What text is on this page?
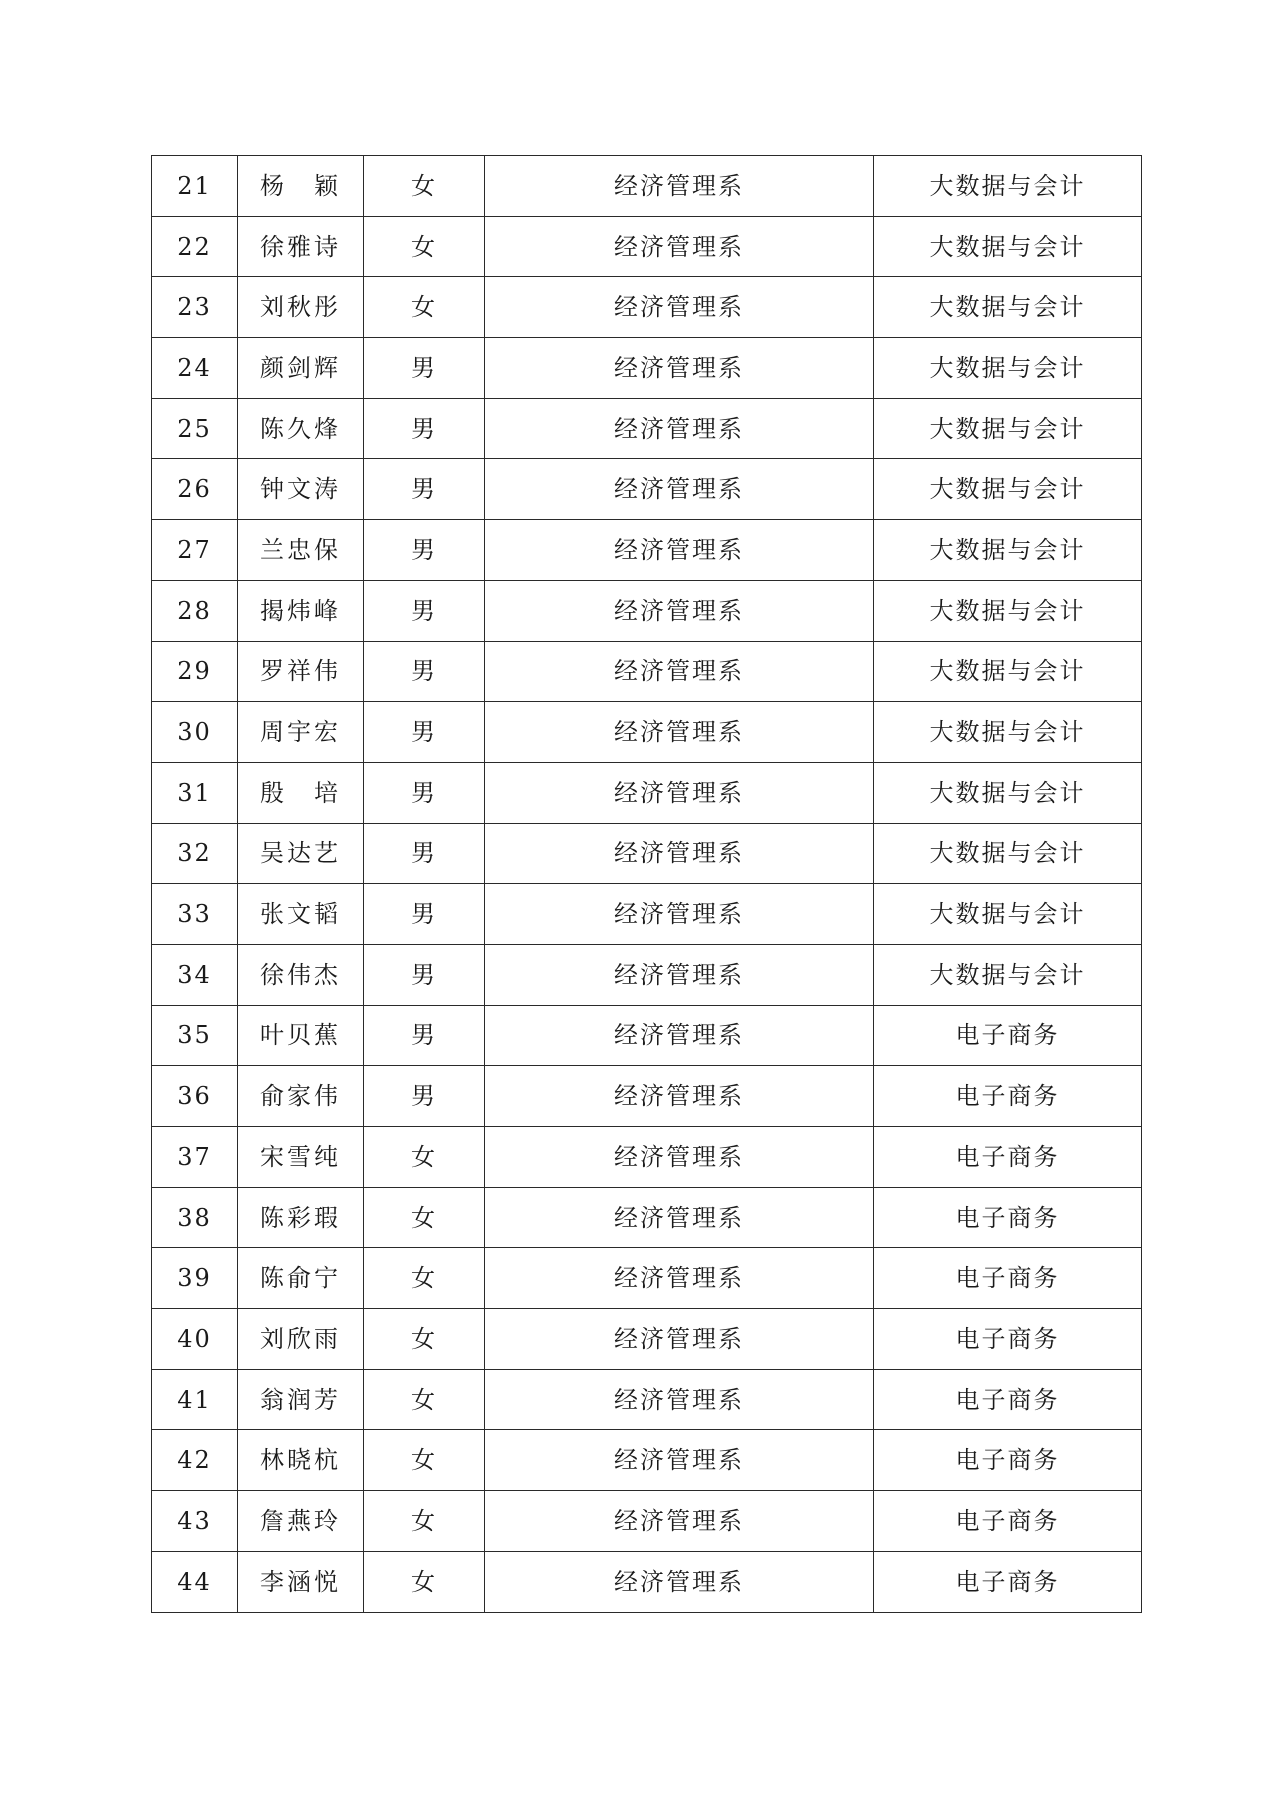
21	杨　颖	女	经济管理系	大数据与会计
22	徐雅诗	女	经济管理系	大数据与会计
23	刘秋彤	女	经济管理系	大数据与会计
24	颜剑辉	男	经济管理系	大数据与会计
25	陈久烽	男	经济管理系	大数据与会计
26	钟文涛	男	经济管理系	大数据与会计
27	兰忠保	男	经济管理系	大数据与会计
28	揭炜峰	男	经济管理系	大数据与会计
29	罗祥伟	男	经济管理系	大数据与会计
30	周宇宏	男	经济管理系	大数据与会计
31	殷　培	男	经济管理系	大数据与会计
32	吴达艺	男	经济管理系	大数据与会计
33	张文韬	男	经济管理系	大数据与会计
34	徐伟杰	男	经济管理系	大数据与会计
35	叶贝蕉	男	经济管理系	电子商务
36	俞家伟	男	经济管理系	电子商务
37	宋雪纯	女	经济管理系	电子商务
38	陈彩瑕	女	经济管理系	电子商务
39	陈俞宁	女	经济管理系	电子商务
40	刘欣雨	女	经济管理系	电子商务
41	翁润芳	女	经济管理系	电子商务
42	林晓杭	女	经济管理系	电子商务
43	詹燕玲	女	经济管理系	电子商务
44	李涵悦	女	经济管理系	电子商务
